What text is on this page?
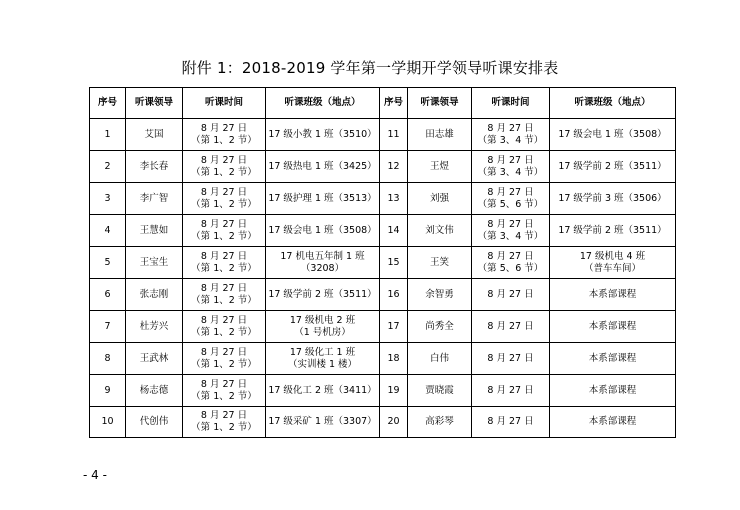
附件 1：2018-2019 学年第一学期开学领导听课安排表
序号	听课领导	听课时间	听课班级（地点）	序号	听课领导	听课时间	听课班级（地点）
1	艾国	8 月 27 日
（第 1、2 节）	17 级小教 1 班（3510）	11	田志雄	8 月 27 日
（第 3、4 节）	17 级会电 1 班（3508）

2	李长春	8 月 27 日
（第 1、2 节）	17 级热电 1 班（3425）	12	王煜	8 月 27 日
（第 3、4 节）	17 级学前 2 班（3511）

3	李广智	8 月 27 日
（第 1、2 节）	17 级护理 1 班（3513）	13	刘强	8 月 27 日
（第 5、6 节）	17 级学前 3 班（3506）

4	王慧如	8 月 27 日
（第 1、2 节）	17 级会电 1 班（3508）	14	刘文伟	8 月 27 日
（第 3、4 节）	17 级学前 2 班（3511）

5	王宝生	8 月 27 日
（第 1、2 节）	17 机电五年制 1 班
（3208）	15	王笑	8 月 27 日
（第 5、6 节）	17 级机电 4 班
（普车车间）

6	张志刚	8 月 27 日
（第 1、2 节）	17 级学前 2 班（3511）	16	余智勇	8 月 27 日	本系部课程

7	杜芳兴	8 月 27 日
（第 1、2 节）	17 级机电 2 班
（1 号机房）	17	尚秀全	8 月 27 日	本系部课程

8	王武林	8 月 27 日
（第 1、2 节）	17 级化工 1 班
（实训楼 1 楼）	18	白伟	8 月 27 日	本系部课程

9	杨志德	8 月 27 日
（第 1、2 节）	17 级化工 2 班（3411）	19	贾晓霞	8 月 27 日	本系部课程

10	代创伟	8 月 27 日
（第 1、2 节）	17 级采矿 1 班（3307）	20	高彩琴	8 月 27 日	本系部课程
- 4 -
